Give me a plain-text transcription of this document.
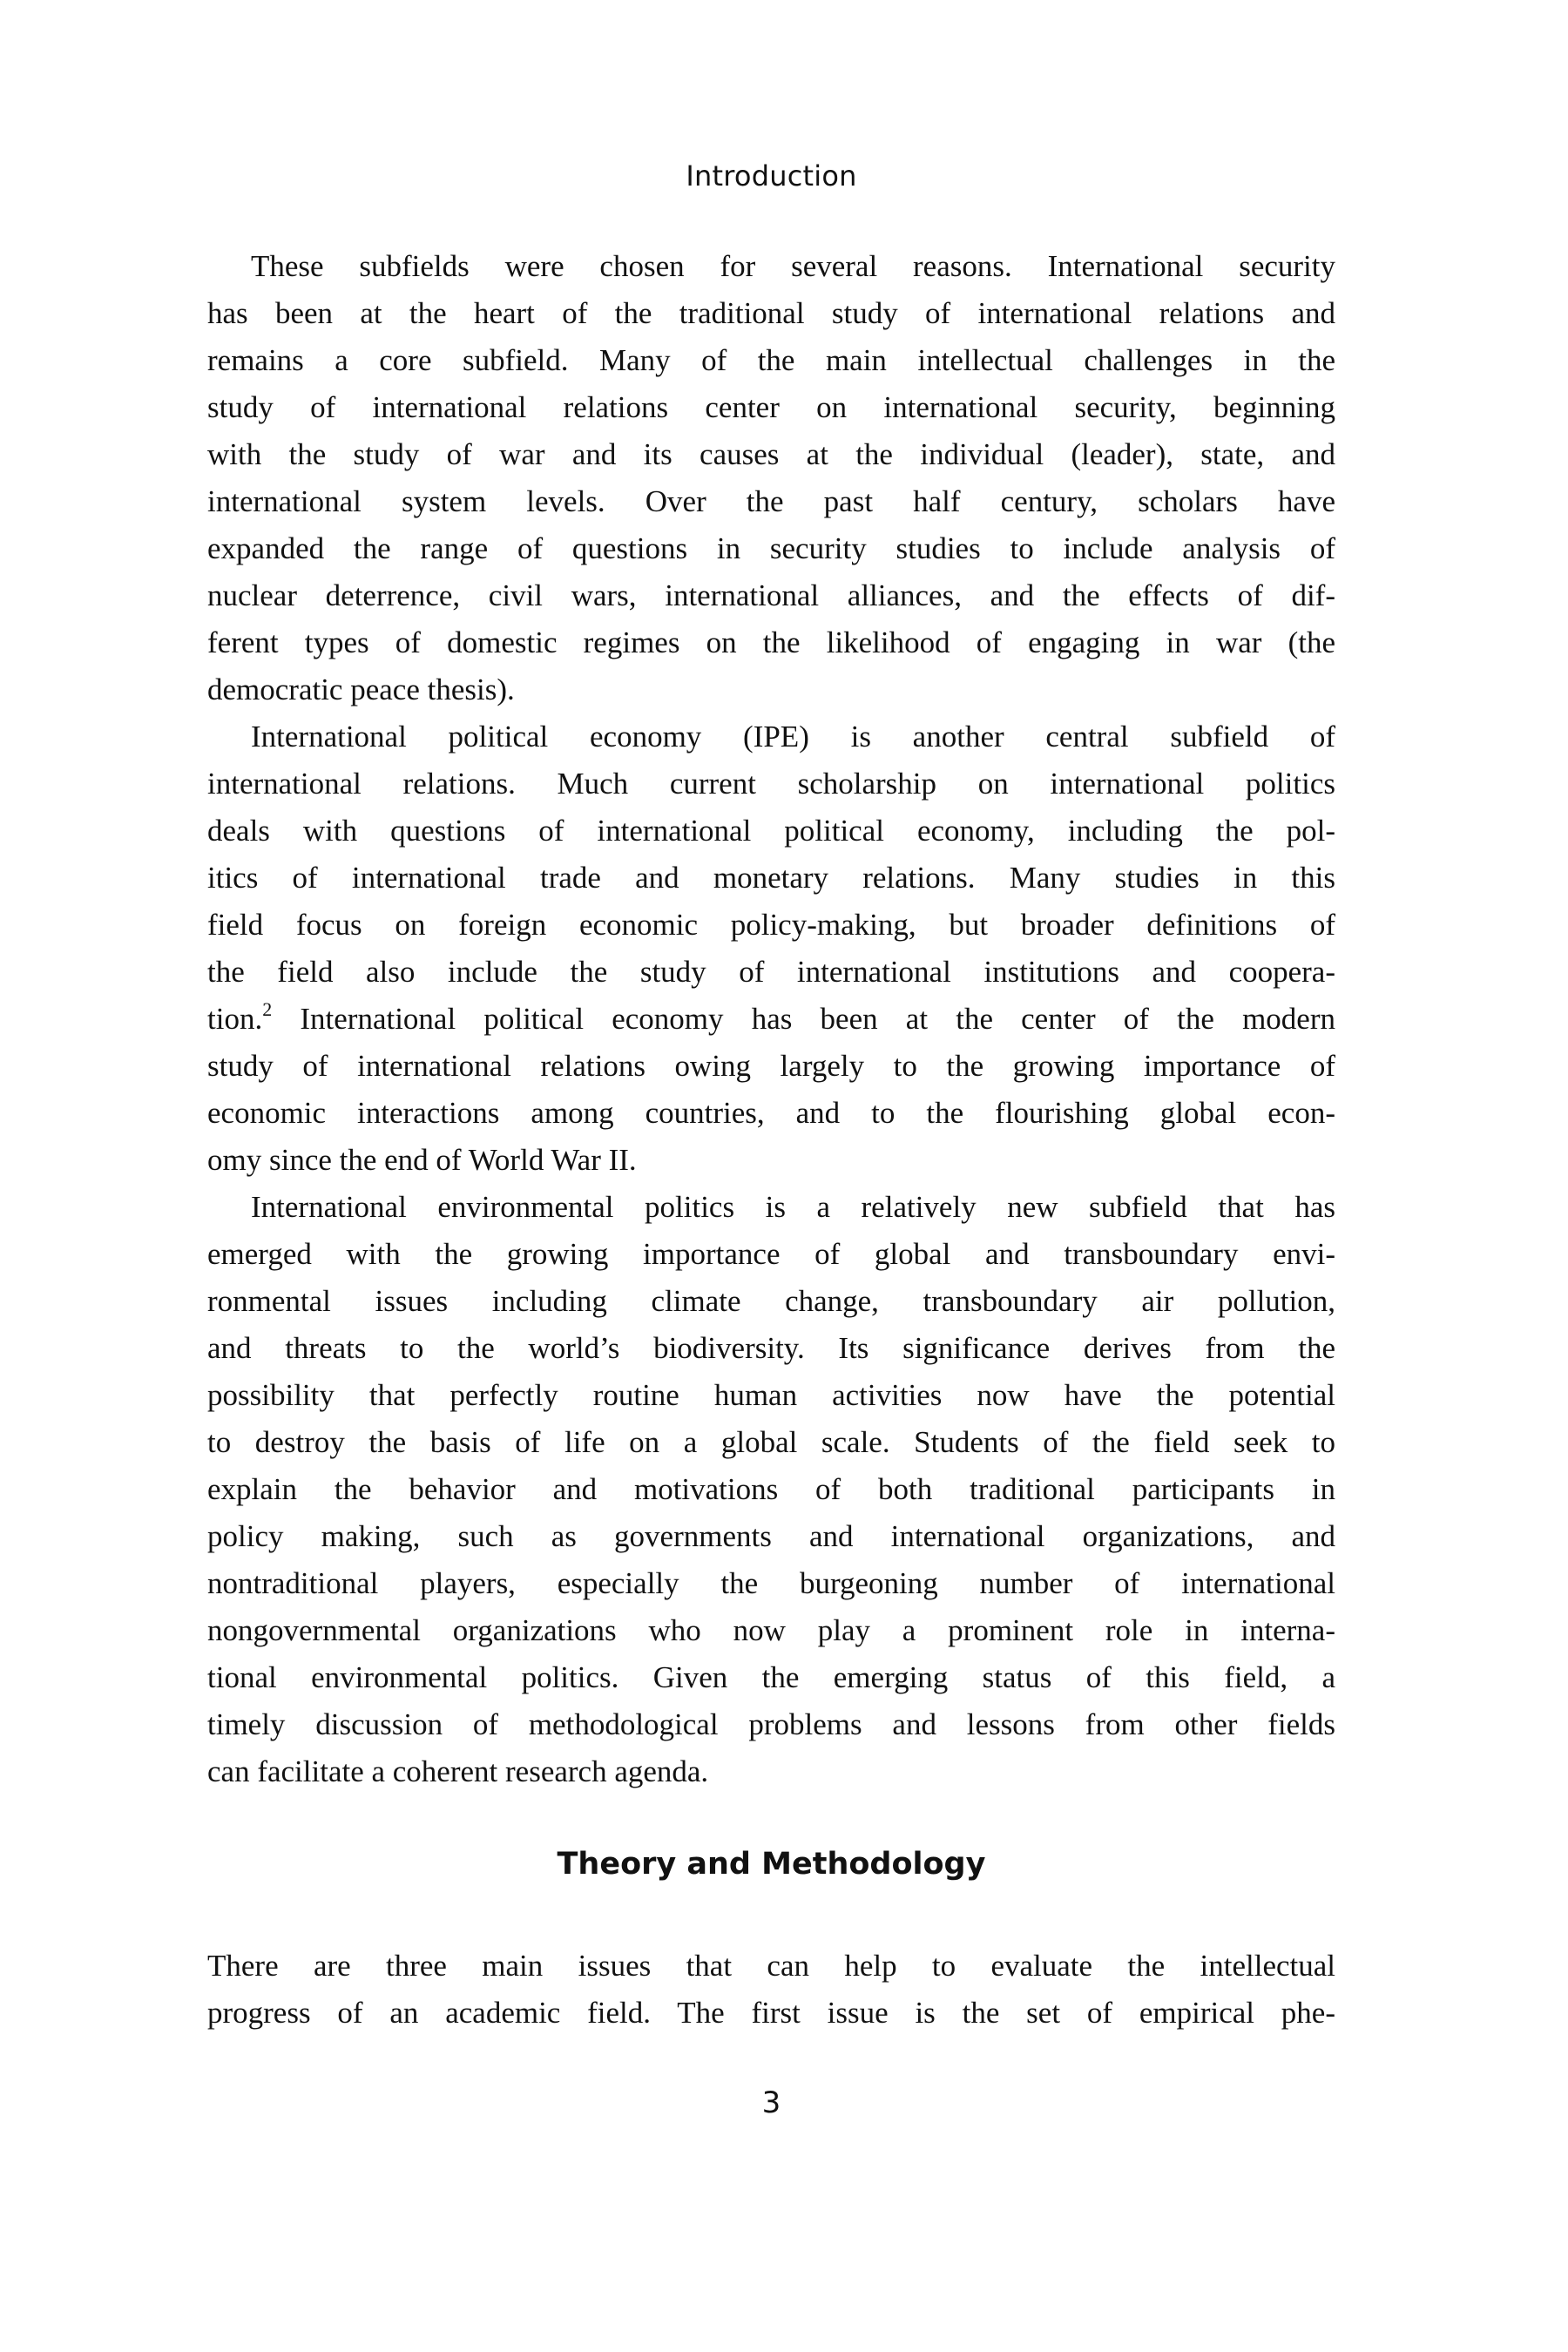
Introduction
These subfields were chosen for several reasons. International security
has been at the heart of the traditional study of international relations and
remains a core subfield. Many of the main intellectual challenges in the
study of international relations center on international security, beginning
with the study of war and its causes at the individual (leader), state, and
international system levels. Over the past half century, scholars have
expanded the range of questions in security studies to include analysis of
nuclear deterrence, civil wars, international alliances, and the effects of dif-
ferent types of domestic regimes on the likelihood of engaging in war (the
democratic peace thesis).
International political economy (IPE) is another central subfield of
international relations. Much current scholarship on international politics
deals with questions of international political economy, including the pol-
itics of international trade and monetary relations. Many studies in this
field focus on foreign economic policy-making, but broader definitions of
the field also include the study of international institutions and coopera-
tion.$^2$ International political economy has been at the center of the modern
study of international relations owing largely to the growing importance of
economic interactions among countries, and to the flourishing global econ-
omy since the end of World War II.
International environmental politics is a relatively new subfield that has
emerged with the growing importance of global and transboundary envi-
ronmental issues including climate change, transboundary air pollution,
and threats to the world’s biodiversity. Its significance derives from the
possibility that perfectly routine human activities now have the potential
to destroy the basis of life on a global scale. Students of the field seek to
explain the behavior and motivations of both traditional participants in
policy making, such as governments and international organizations, and
nontraditional players, especially the burgeoning number of international
nongovernmental organizations who now play a prominent role in interna-
tional environmental politics. Given the emerging status of this field, a
timely discussion of methodological problems and lessons from other fields
can facilitate a coherent research agenda.
Theory and Methodology
There are three main issues that can help to evaluate the intellectual
progress of an academic field. The first issue is the set of empirical phe-
3
